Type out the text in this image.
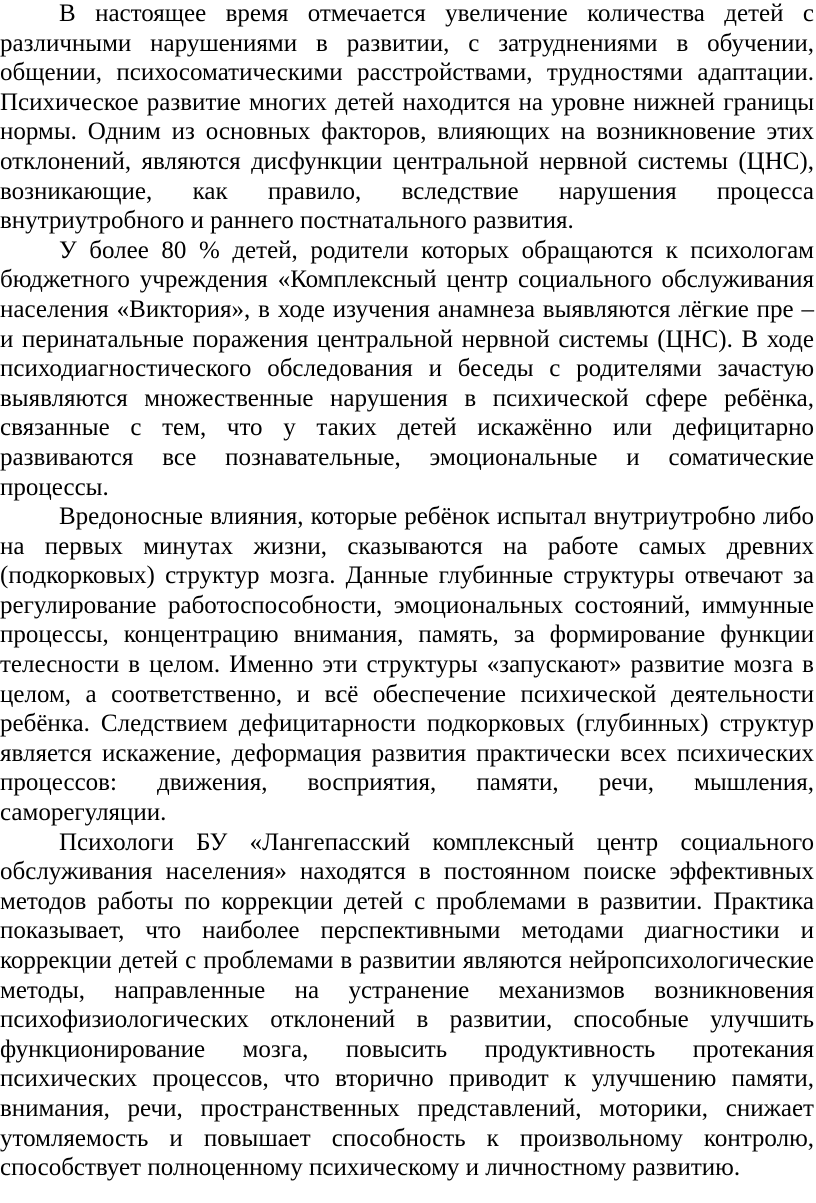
В настоящее время отмечается увеличение количества детей с различными нарушениями в развитии, с затруднениями в обучении, общении, психосоматическими расстройствами, трудностями адаптации. Психическое развитие многих детей находится на уровне нижней границы нормы. Одним из основных факторов, влияющих на возникновение этих отклонений, являются дисфункции центральной нервной системы (ЦНС), возникающие, как правило, вследствие нарушения процесса внутриутробного и раннего постнатального развития.

У более 80 % детей, родители которых обращаются к психологам бюджетного учреждения «Комплексный центр социального обслуживания населения «Виктория», в ходе изучения анамнеза выявляются лёгкие пре – и перинатальные поражения центральной нервной системы (ЦНС). В ходе психодиагностического обследования и беседы с родителями зачастую выявляются множественные нарушения в психической сфере ребёнка, связанные с тем, что у таких детей искажённо или дефицитарно развиваются все познавательные, эмоциональные и соматические процессы.

Вредоносные влияния, которые ребёнок испытал внутриутробно либо на первых минутах жизни, сказываются на работе самых древних (подкорковых) структур мозга. Данные глубинные структуры отвечают за регулирование работоспособности, эмоциональных состояний, иммунные процессы, концентрацию внимания, память, за формирование функции телесности в целом. Именно эти структуры «запускают» развитие мозга в целом, а соответственно, и всё обеспечение психической деятельности ребёнка. Следствием дефицитарности подкорковых (глубинных) структур является искажение, деформация развития практически всех психических процессов: движения, восприятия, памяти, речи, мышления, саморегуляции.

Психологи БУ «Лангепасский комплексный центр социального обслуживания населения» находятся в постоянном поиске эффективных методов работы по коррекции детей с проблемами в развитии. Практика показывает, что наиболее перспективными методами диагностики и коррекции детей с проблемами в развитии являются нейропсихологические методы, направленные на устранение механизмов возникновения психофизиологических отклонений в развитии, способные улучшить функционирование мозга, повысить продуктивность протекания психических процессов, что вторично приводит к улучшению памяти, внимания, речи, пространственных представлений, моторики, снижает утомляемость и повышает способность к произвольному контролю, способствует полноценному психическому и личностному развитию.
